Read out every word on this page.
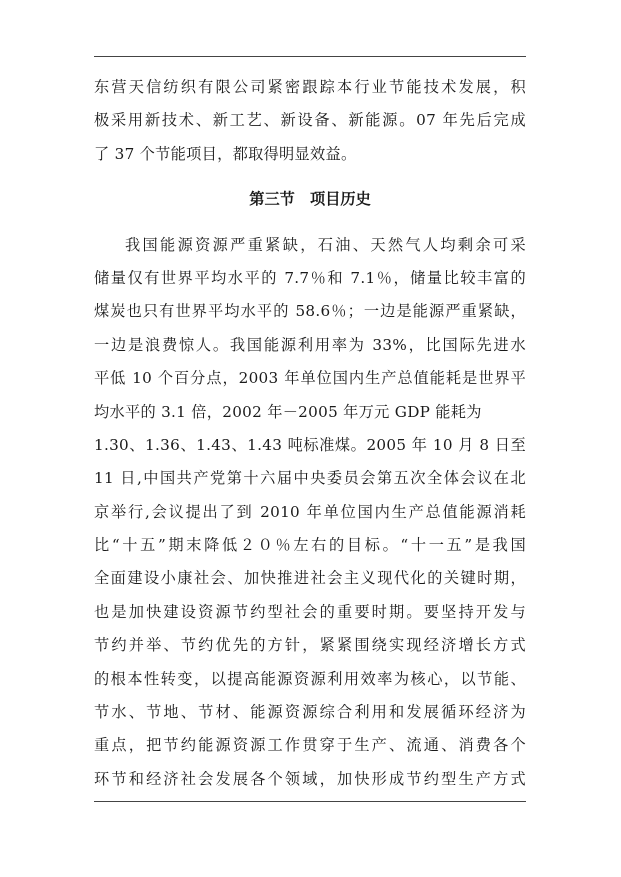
东营天信纺织有限公司紧密跟踪本行业节能技术发展，积
极采用新技术、新工艺、新设备、新能源。07 年先后完成
了 37 个节能项目，都取得明显效益。
第三节　项目历史
我国能源资源严重紧缺，石油、天然气人均剩余可采
储量仅有世界平均水平的 7.7％和 7.1％，储量比较丰富的
煤炭也只有世界平均水平的 58.6％；一边是能源严重紧缺，
一边是浪费惊人。我国能源利用率为 33%，比国际先进水
平低 10 个百分点，2003 年单位国内生产总值能耗是世界平
均水平的 3.1 倍，2002 年－2005 年万元 GDP 能耗为
1.30、1.36、1.43、1.43 吨标准煤。2005 年 10 月 8 日至
11 日,中国共产党第十六届中央委员会第五次全体会议在北
京举行,会议提出了到 2010 年单位国内生产总值能源消耗
比“十五”期末降低２０％左右的目标。“十一五”是我国
全面建设小康社会、加快推进社会主义现代化的关键时期，
也是加快建设资源节约型社会的重要时期。要坚持开发与
节约并举、节约优先的方针，紧紧围绕实现经济增长方式
的根本性转变，以提高能源资源利用效率为核心，以节能、
节水、节地、节材、能源资源综合利用和发展循环经济为
重点，把节约能源资源工作贯穿于生产、流通、消费各个
环节和经济社会发展各个领域，加快形成节约型生产方式
